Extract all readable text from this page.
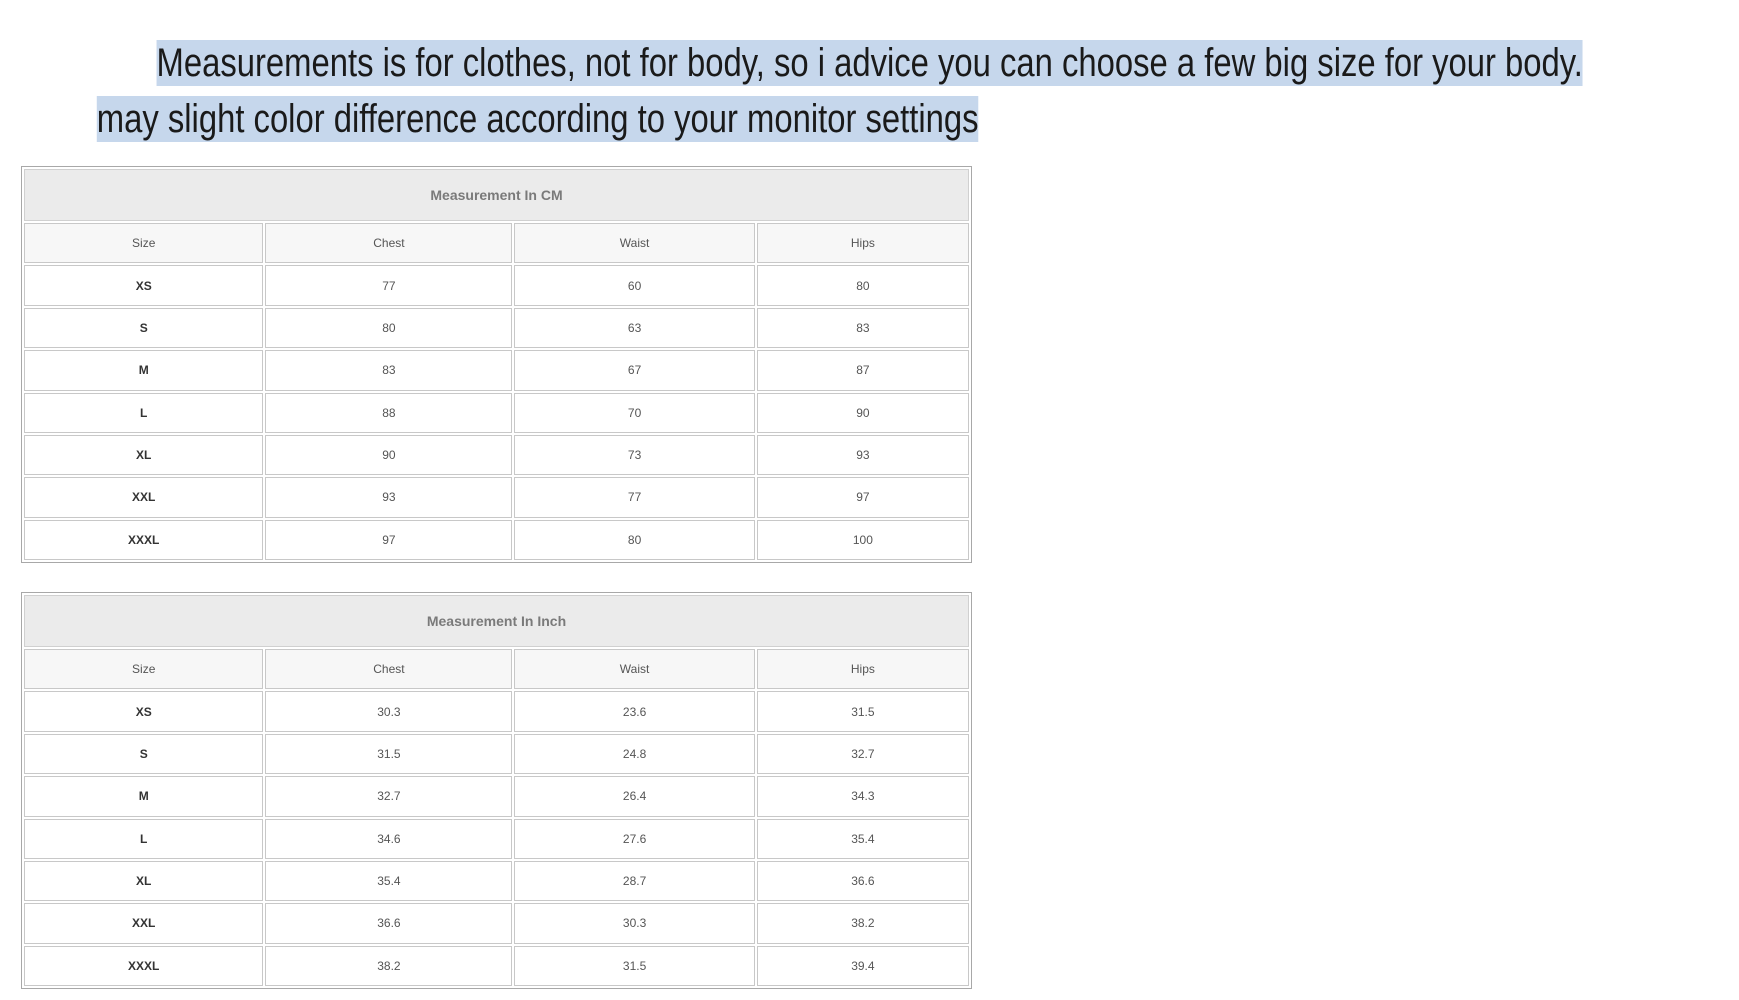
Measurements is for clothes, not for body, so i advice you can choose a few big size for your body.
may slight color difference according to your monitor settings
Measurement In CM			
Size	Chest	Waist	Hips
XS	77	60	80
S	80	63	83
M	83	67	87
L	88	70	90
XL	90	73	93
XXL	93	77	97
XXXL	97	80	100
Measurement In Inch			
Size	Chest	Waist	Hips
XS	30.3	23.6	31.5
S	31.5	24.8	32.7
M	32.7	26.4	34.3
L	34.6	27.6	35.4
XL	35.4	28.7	36.6
XXL	36.6	30.3	38.2
XXXL	38.2	31.5	39.4
